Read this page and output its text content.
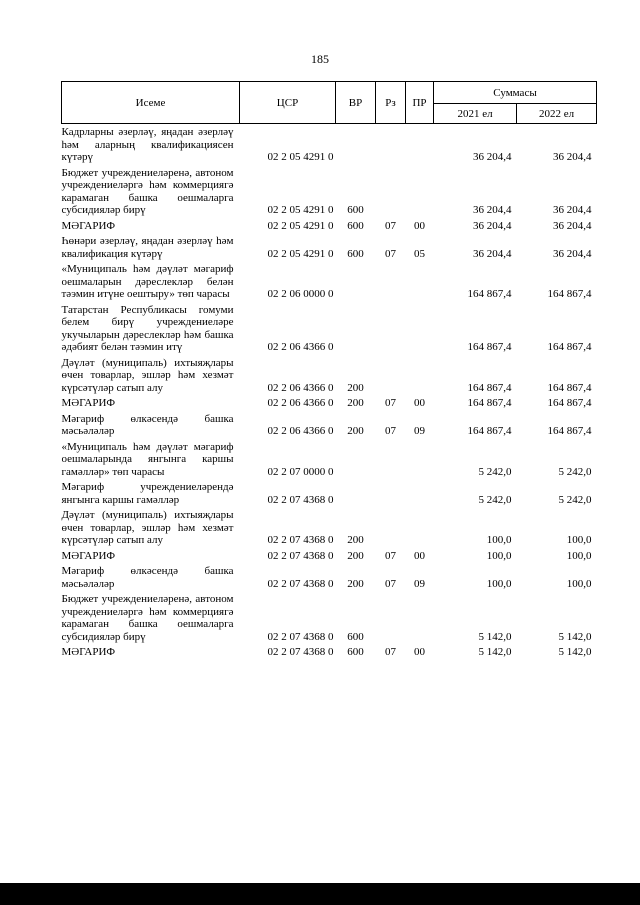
185
Исеме	ЦСР	ВР	Рз	ПР	Суммасы	
					2021 ел	2022 ел
Кадрларны әзерләү, яңадан әзерләү һәм аларның квалификациясен күтәрү	02 2 05 4291 0				36 204,4	36 204,4
Бюджет учреждениеләренә, автоном учреждениеләргә һәм коммерциягә карамаган башка оешмаларга субсидияләр бирү	02 2 05 4291 0	600			36 204,4	36 204,4
МӘГАРИФ	02 2 05 4291 0	600	07	00	36 204,4	36 204,4
Һөнәри әзерләү, яңадан әзерләү һәм квалификация күтәрү	02 2 05 4291 0	600	07	05	36 204,4	36 204,4
«Муниципаль һәм дәүләт мәгариф оешмаларын дәреслекләр белән тәэмин итүне оештыру» төп чарасы	02 2 06 0000 0				164 867,4	164 867,4
Татарстан Республикасы гомуми белем бирү учреждениеләре укучыларын дәреслекләр һәм башка әдәбият белән тәэмин итү	02 2 06 4366 0				164 867,4	164 867,4
Дәүләт (муниципаль) ихтыяҗлары өчен товарлар, эшләр һәм хезмәт күрсәтүләр сатып алу	02 2 06 4366 0	200			164 867,4	164 867,4
МӘГАРИФ	02 2 06 4366 0	200	07	00	164 867,4	164 867,4
Мәгариф өлкәсендә башка мәсьәләләр	02 2 06 4366 0	200	07	09	164 867,4	164 867,4
«Муниципаль һәм дәүләт мәгариф оешмаларында янгынга каршы гамәлләр» төп чарасы	02 2 07 0000 0				5 242,0	5 242,0
Мәгариф учреждениеләрендә янгынга каршы гамәлләр	02 2 07 4368 0				5 242,0	5 242,0
Дәүләт (муниципаль) ихтыяҗлары өчен товарлар, эшләр һәм хезмәт күрсәтүләр сатып алу	02 2 07 4368 0	200			100,0	100,0
МӘГАРИФ	02 2 07 4368 0	200	07	00	100,0	100,0
Мәгариф өлкәсендә башка мәсьәләләр	02 2 07 4368 0	200	07	09	100,0	100,0
Бюджет учреждениеләренә, автоном учреждениеләргә һәм коммерциягә карамаган башка оешмаларга субсидияләр бирү	02 2 07 4368 0	600			5 142,0	5 142,0
МӘГАРИФ	02 2 07 4368 0	600	07	00	5 142,0	5 142,0
